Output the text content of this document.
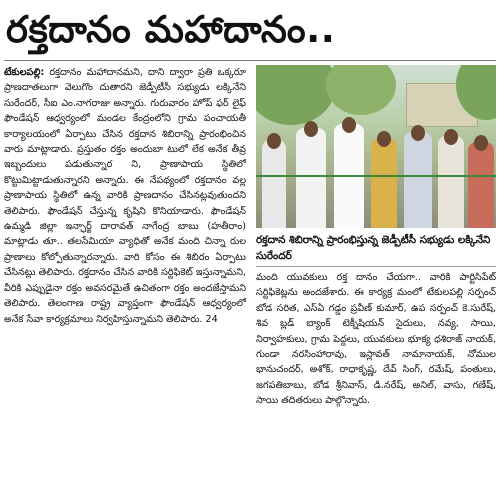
రక్తదానం మహాదానం..
టేకులపల్లి: రక్తదానం మహాదానమని, దాని ద్వారా ప్రతి ఒక్కరూ ప్రాణదాతలుగా వెలుగొం దుతారని జెడ్పీటీసీ సభ్యుడు లక్కినేని సురేందర్, సీఐ ఎం.నాగరాజు అన్నారు. గురువారం హోప్ ఫర్ లైఫ్ ఫౌండేషన్ ఆధ్వర్యంలో మండల కేంద్రంలోని గ్రామ పంచాయతీ కార్యాలయంలో ఏర్పాటు చేసిన రక్తదాన శిబిరాన్ని ప్రారంభించిన వారు మాట్లాడారు. ప్రస్తుతం రక్తం అందుబా టులో లేక అనేక తీవ్ర ఇబ్బందులు పడుతున్నార ని, ప్రాణాపాయ స్థితిలో కొట్టుమిట్టాడుతున్నారని అన్నారు. ఈ నేపథ్యంలో రక్తదానం వల్ల ప్రాణాపాయ స్థితిలో ఉన్న వారికి ప్రాణదానం చేసినట్లవుతుందని తెలిపారు. ఫౌండేషన్ చేస్తున్న కృషిని కొనియాడారు. ఫౌండేషన్ ఉమ్మడి జిల్లా ఇన్ఛార్జ్ దారావత్ నాగేంద్ర బాబు (హతీరాం) మాట్లాడు తూ.. తలసేమియా వ్యాధితో అనేక మంది చిన్నా రుల ప్రాణాలు కోల్పోతున్నారన్నారు. వారి కోసం ఈ శిబిరం ఏర్పాటు చేసినట్లు తెలిపారు. రక్తదానం చేసిన వారికి సర్టిఫికెట్ ఇస్తున్నామని, వీరికి ఎప్పుడైనా రక్తం అవసరమైతే ఉచితంగా రక్తం అందజేస్తామని తెలిపారు. తెలంగాణ రాష్ట్ర వ్యాప్తంగా ఫౌండేషన్ ఆధ్వర్యంలో అనేక సేవా కార్యక్రమాలు నిర్వహిస్తున్నామని తెలిపారు. 24
రక్తదాన శిబిరాన్ని ప్రారంభిస్తున్న జెడ్పీటీసీ సభ్యుడు లక్కినేని సురేందర్
మంది యువకులు రక్త దానం చేయగా.. వారికి పార్టిసిపేట్ సర్టిఫికెట్లను అందజేశారు. ఈ కార్యక్ర మంలో టేకులపల్లి సర్పంచ్ బోడ సరిత, ఎస్ఏ గడ్డం ప్రవీణ్ కుమార్, ఉప సర్పంచ్ కె.సురేష్, శివ బ్లడ్ బ్యాంక్ టెక్నీషియన్ సైదులు, నవ్య, సాయి, నిర్వాహకులు, గ్రామ పెద్దలు, యువకులు భూక్య ధశిరాజ్ నాయక్, గుండా నరసింహారావు, ఇస్లావత్ నామానాయక్, నోముల భానుచందర్, అశోక్, రాధాకృష్ణ, దేవ్ సింగ్, రమేష్, పంతులు, జగపతిబాబు, బోడ శ్రీనివాస్, డి.నరేష్, అనిల్, వాసు, గణేష్, సాయి తదితరులు పాల్గొన్నారు.
